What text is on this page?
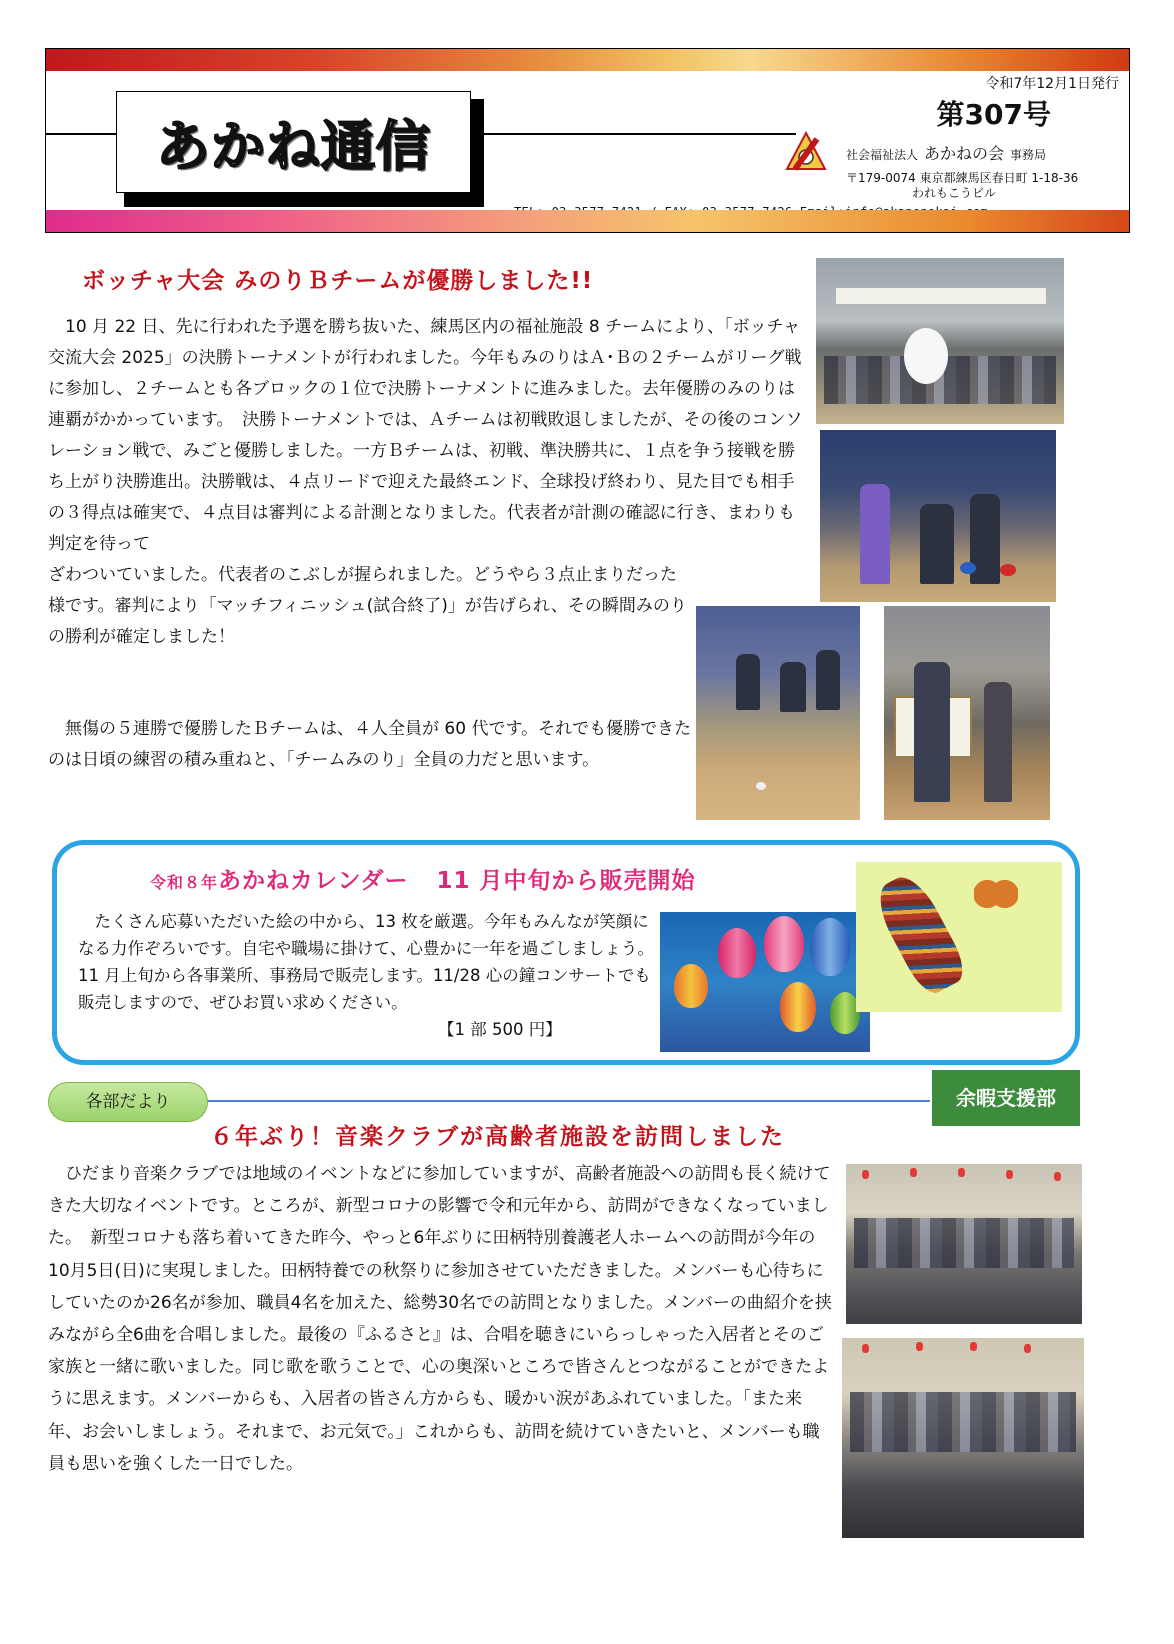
あかね通信
令和7年12月1日発行
第307号
社会福祉法人 あかねの会 事務局
〒179-0074 東京都練馬区春日町 1-18-36
われもこうビル
ボッチャ大会 みのりＢチームが優勝しました!!
　10 月 22 日、先に行われた予選を勝ち抜いた、練馬区内の福祉施設 8 チームにより、「ボッチャ交流大会 2025」の決勝トーナメントが行われました。今年もみのりはＡ･Ｂの２チームがリーグ戦に参加し、２チームとも各ブロックの１位で決勝トーナメントに進みました。去年優勝のみのりは連覇がかかっています。　決勝トーナメントでは、Ａチームは初戦敗退しましたが、その後のコンソレーション戦で、みごと優勝しました。一方Ｂチームは、初戦、準決勝共に、１点を争う接戦を勝ち上がり決勝進出。決勝戦は、４点リードで迎えた最終エンド、全球投げ終わり、見た目でも相手の３得点は確実で、４点目は審判による計測となりました。代表者が計測の確認に行き、まわりも判定を待って
ざわついていました。代表者のこぶしが握られました。どうやら３点止まりだった様です。審判により「マッチフィニッシュ(試合終了)」が告げられ、その瞬間みのりの勝利が確定しました！
　無傷の５連勝で優勝したＢチームは、４人全員が 60 代です。それでも優勝できたのは日頃の練習の積み重ねと、「チームみのり」全員の力だと思います。
令和８年あかねカレンダー 11 月中旬から販売開始
　たくさん応募いただいた絵の中から、13 枚を厳選。今年もみんなが笑顔になる力作ぞろいです。自宅や職場に掛けて、心豊かに一年を過ごしましょう。11 月上旬から各事業所、事務局で販売します。11/28 心の鐘コンサートでも販売しますので、ぜひお買い求めください。
【1 部 500 円】
各部だより	余暇支援部
６年ぶり！音楽クラブが高齢者施設を訪問しました
　ひだまり音楽クラブでは地域のイベントなどに参加していますが、高齢者施設への訪問も長く続けてきた大切なイベントです。ところが、新型コロナの影響で令和元年から、訪問ができなくなっていました。　新型コロナも落ち着いてきた昨今、やっと6年ぶりに田柄特別養護老人ホームへの訪問が今年の10月5日(日)に実現しました。田柄特養での秋祭りに参加させていただきました。メンバーも心待ちにしていたのか26名が参加、職員4名を加えた、総勢30名での訪問となりました。メンバーの曲紹介を挟みながら全6曲を合唱しました。最後の『ふるさと』は、合唱を聴きにいらっしゃった入居者とそのご家族と一緒に歌いました。同じ歌を歌うことで、心の奥深いところで皆さんとつながることができたように思えます。メンバーからも、入居者の皆さん方からも、暖かい涙があふれていました。「また来年、お会いしましょう。それまで、お元気で。」これからも、訪問を続けていきたいと、メンバーも職員も思いを強くした一日でした。
